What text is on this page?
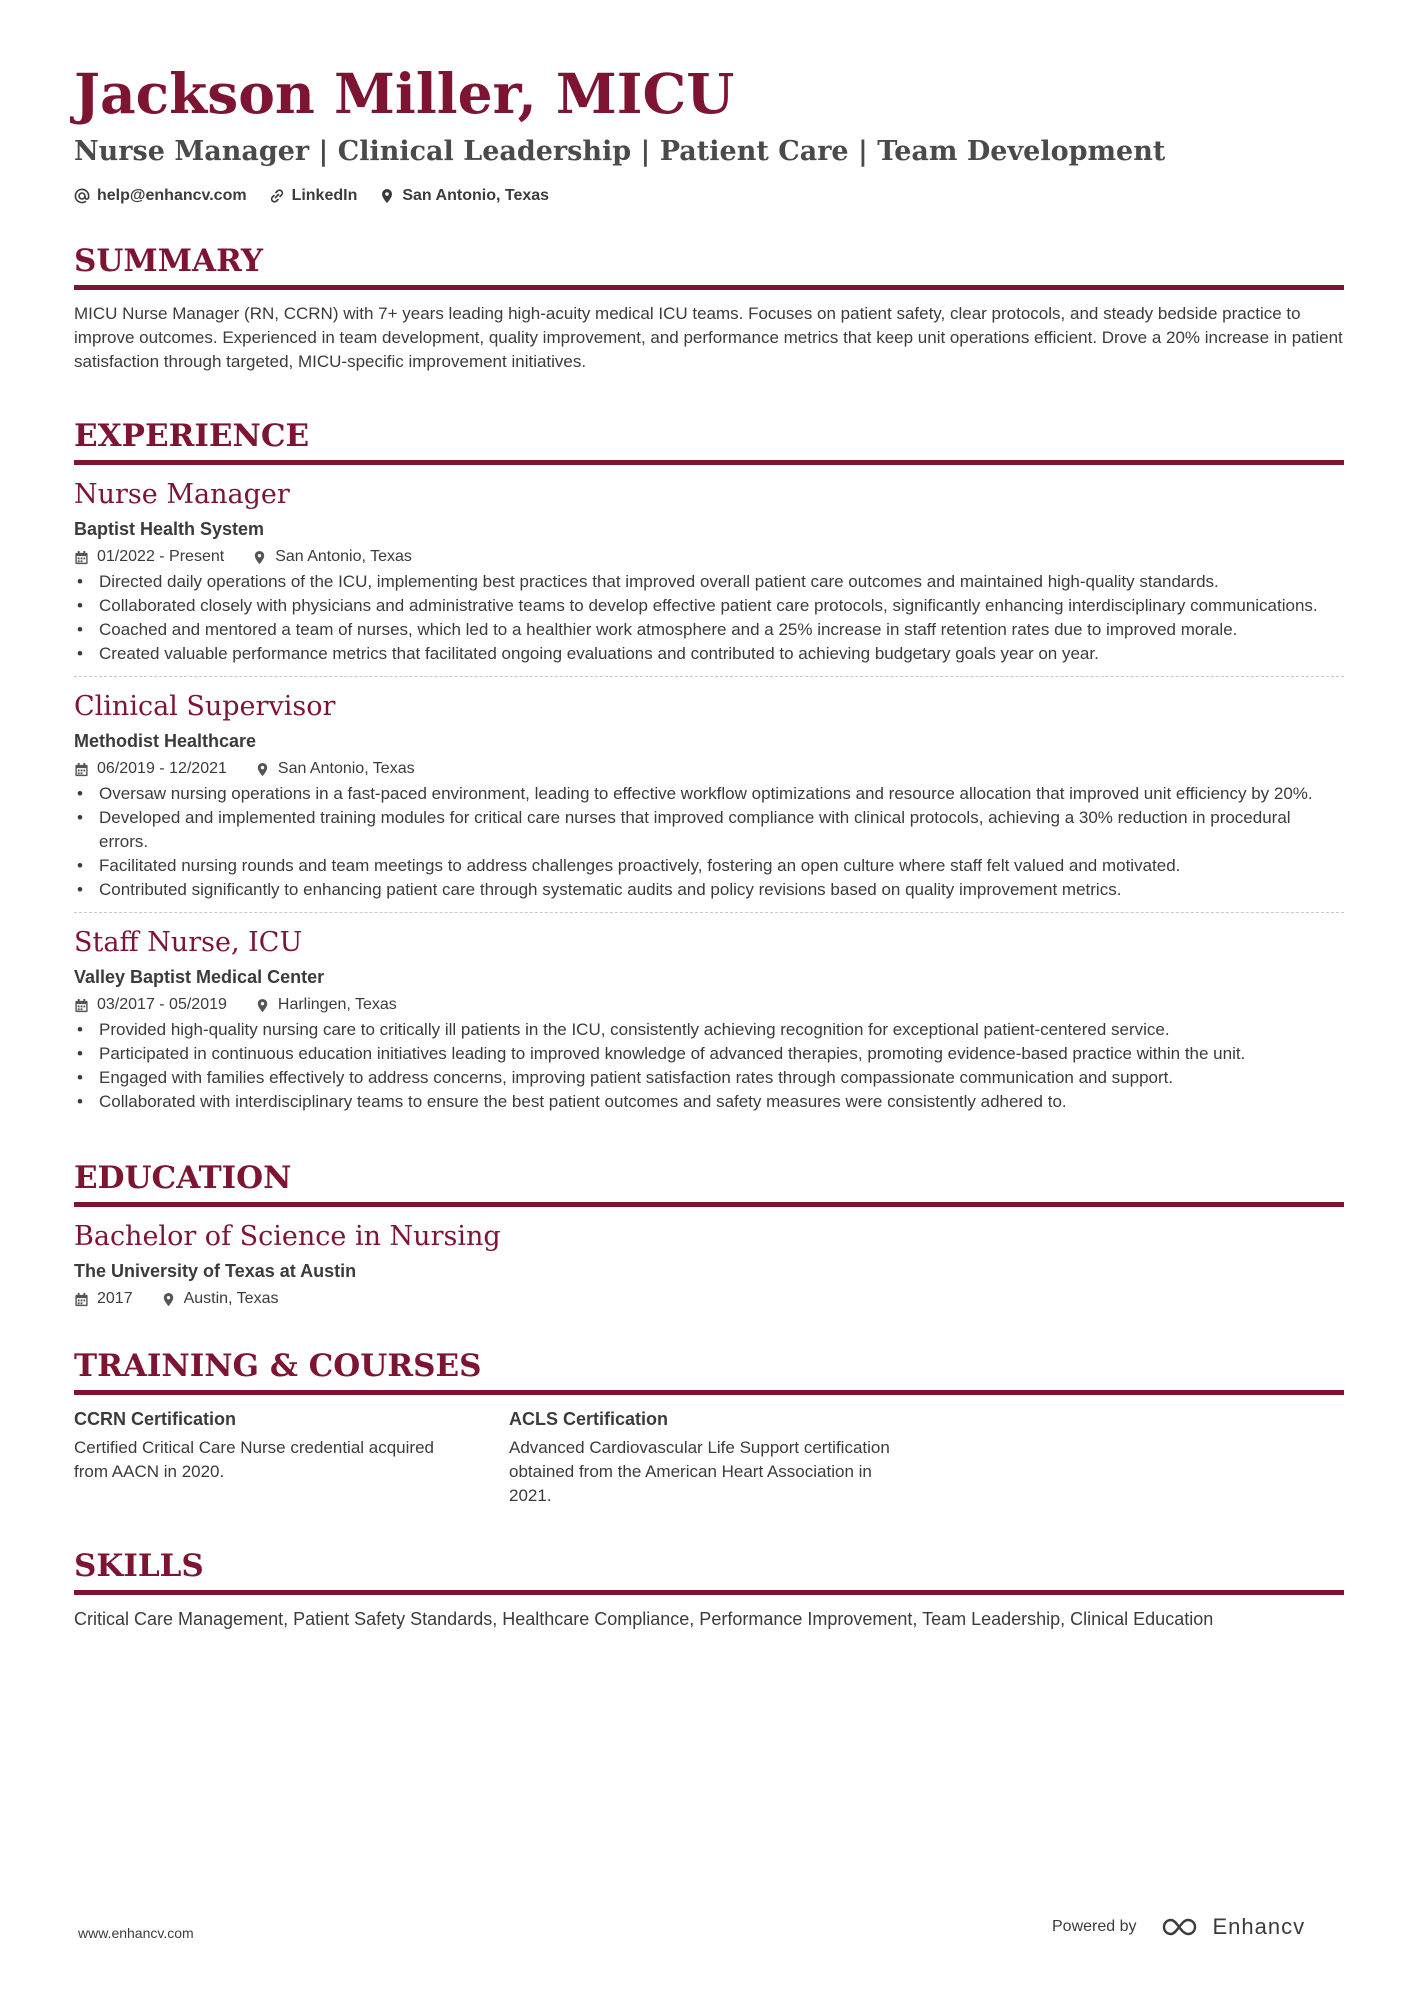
Jackson Miller, MICU
Nurse Manager | Clinical Leadership | Patient Care | Team Development
help@enhancv.com	LinkedIn	San Antonio, Texas
SUMMARY
MICU Nurse Manager (RN, CCRN) with 7+ years leading high-acuity medical ICU teams. Focuses on patient safety, clear protocols, and steady bedside practice to improve outcomes. Experienced in team development, quality improvement, and performance metrics that keep unit operations efficient. Drove a 20% increase in patient satisfaction through targeted, MICU-specific improvement initiatives.
EXPERIENCE
Nurse Manager
Baptist Health System
01/2022 - Present	San Antonio, Texas
• Directed daily operations of the ICU, implementing best practices that improved overall patient care outcomes and maintained high-quality standards.
• Collaborated closely with physicians and administrative teams to develop effective patient care protocols, significantly enhancing interdisciplinary communications.
• Coached and mentored a team of nurses, which led to a healthier work atmosphere and a 25% increase in staff retention rates due to improved morale.
• Created valuable performance metrics that facilitated ongoing evaluations and contributed to achieving budgetary goals year on year.
Clinical Supervisor
Methodist Healthcare
06/2019 - 12/2021	San Antonio, Texas
• Oversaw nursing operations in a fast-paced environment, leading to effective workflow optimizations and resource allocation that improved unit efficiency by 20%.
• Developed and implemented training modules for critical care nurses that improved compliance with clinical protocols, achieving a 30% reduction in procedural errors.
• Facilitated nursing rounds and team meetings to address challenges proactively, fostering an open culture where staff felt valued and motivated.
• Contributed significantly to enhancing patient care through systematic audits and policy revisions based on quality improvement metrics.
Staff Nurse, ICU
Valley Baptist Medical Center
03/2017 - 05/2019	Harlingen, Texas
• Provided high-quality nursing care to critically ill patients in the ICU, consistently achieving recognition for exceptional patient-centered service.
• Participated in continuous education initiatives leading to improved knowledge of advanced therapies, promoting evidence-based practice within the unit.
• Engaged with families effectively to address concerns, improving patient satisfaction rates through compassionate communication and support.
• Collaborated with interdisciplinary teams to ensure the best patient outcomes and safety measures were consistently adhered to.
EDUCATION
Bachelor of Science in Nursing
The University of Texas at Austin
2017	Austin, Texas
TRAINING & COURSES
CCRN Certification
Certified Critical Care Nurse credential acquired from AACN in 2020.
ACLS Certification
Advanced Cardiovascular Life Support certification obtained from the American Heart Association in 2021.
SKILLS
Critical Care Management, Patient Safety Standards, Healthcare Compliance, Performance Improvement, Team Leadership, Clinical Education
www.enhancv.com	Powered by	Enhancv
